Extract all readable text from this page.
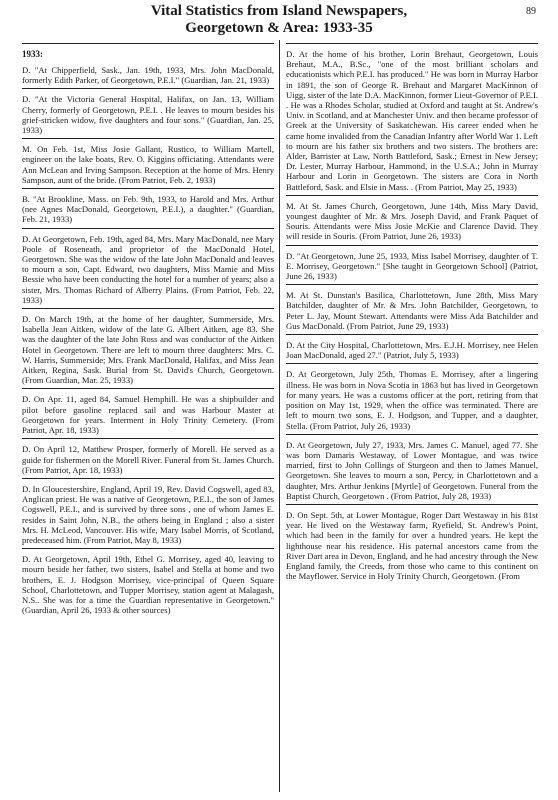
89
Vital Statistics from Island Newspapers,
Georgetown & Area: 1933-35
1933:

D. "At Chipperfield, Sask., Jan. 19th, 1933, Mrs. John MacDonald, formerly Edith Parker, of Georgetown, P.E.I." (Guardian, Jan. 21, 1933)

D. "At the Victoria General Hospital, Halifax, on Jan. 13, William Cherry, formerly of Georgetown, P.E.I. . He leaves to mourn besides his grief-stricken widow, five daughters and four sons." (Guardian, Jan. 25, 1933)

M. On Feb. 1st, Miss Josie Gallant, Rustico, to William Martell, engineer on the lake boats, Rev. O. Kiggins officiating. Attendants were Ann McLean and Irving Sampson. Reception at the home of Mrs. Henry Sampson, aunt of the bride. (From Patriot, Feb. 2, 1933)

B. "At Brookline, Mass. on Feb. 9th, 1933, to Harold and Mrs. Arthur (nee Agnes MacDonald, Georgetown, P.E.I.), a daughter." (Guardian, Feb. 21, 1933)

D. At Georgetown, Feb. 19th, aged 84, Mrs. Mary MacDonald, nee Mary Poole of Roseneath, and proprietor of the MacDonald Hotel, Georgetown. She was the widow of the late John MacDonald and leaves to mourn a son, Capt. Edward, two daughters, Miss Mamie and Miss Bessie who have been conducting the hotel for a number of years; also a sister, Mrs. Thomas Richard of Alberry Plains. (From Patriot, Feb. 22, 1933)

D. On March 19th, at the home of her daughter, Summerside, Mrs. Isabella Jean Aitken, widow of the late G. Albert Aitken, age 83. She was the daughter of the late John Ross and was conductor of the Aitken Hotel in Georgetown. There are left to mourn three daughters: Mrs. C. W. Harris, Summerside; Mrs. Frank MacDonald, Halifax, and Miss Jean Aitken, Regina, Sask. Burial from St. David's Church, Georgetown. (From Guardian, Mar. 25, 1933)

D. On Apr. 11, aged 84, Samuel Hemphill. He was a shipbuilder and pilot before gasoline replaced sail and was Harbour Master at Georgetown for years. Interment in Holy Trinity Cemetery. (From Patriot, Apr. 18, 1933)

D. On April 12, Matthew Prosper, formerly of Morell. He served as a guide for fishermen on the Morell River. Funeral from St. James Church. (From Patriot, Apr. 18, 1933)

D. In Gloucestershire, England, April 19, Rev. David Cogswell, aged 83, Anglican priest. He was a native of Georgetown, P.E.I., the son of James Cogswell, P.E.I., and is survived by three sons , one of whom James E. resides in Saint John, N.B., the others being in England ; also a sister Mrs. H. McLeod, Vancouver. His wife, Mary Isabel Morris, of Scotland, predeceased him. (From Patriot, May 8, 1933)

D. At Georgetown, April 19th, Ethel G. Morrisey, aged 40, leaving to mourn beside her father, two sisters, Isabel and Stella at home and two brothers, E. J. Hodgson Morrisey, vice-principal of Queen Square School, Charlottetown, and Tupper Morrisey, station agent at Malagash, N.S.. She was for a time the Guardian representative in Georgetown." (Guardian, April 26, 1933 & other sources)

D. At the home of his brother, Lorin Brehaut, Georgetown, Louis Brehaut, M.A., B.Sc., "one of the most brilliant scholars and educationists which P.E.I. has produced." He was born in Murray Harbor in 1891, the son of George R. Brehaut and Margaret MacKinnon of Uigg, sister of the late D.A. MacKinnon, former Lieut-Governor of P.E.I. . He was a Rhodes Scholar, studied at Oxford and taught at St. Andrew's Univ. in Scotland, and at Manchester Univ. and then became professor of Greek at the University of Saskatchewan. His career ended when he came home invalided from the Canadian Infantry after World War 1. Left to mourn are his father six brothers and two sisters. The brothers are: Alder, Barrister at Law, North Battleford, Sask.; Ernest in New Jersey; Dr. Lester, Murray Harbour, Hammond, in the U.S.A.; John in Murray Harbour and Lorin in Georgetown. The sisters are Cora in North Battleford, Sask. and Elsie in Mass. . (From Patriot, May 25, 1933)

M. At St. James Church, Georgetown, June 14th, Miss Mary David, youngest daughter of Mr. & Mrs. Joseph David, and Frank Paquet of Souris. Attendants were Miss Josie McKie and Clarence David. They will reside in Souris. (From Patriot, June 26, 1933)

D. "At Georgetown, June 25, 1933, Miss Isabel Morrisey, daughter of T. E. Morrisey, Georgetown." [She taught in Georgetown School] (Patriot, June 26, 1933)

M. At St. Dunstan's Basilica, Charlottetown, June 28th, Miss Mary Batchilder, daughter of Mr. & Mrs. John Batchilder, Georgetown, to Peter L. Jay, Mount Stewart. Attendants were Miss Ada Batchilder and Gus MacDonald. (From Patriot, June 29, 1933)

D. At the City Hospital, Charlottetown, Mrs. E.J.H. Morrisey, nee Helen Joan MacDonald, aged 27." (Patriot, July 5, 1933)

D. At Georgetown, July 25th, Thomas E. Morrisey, after a lingering illness. He was born in Nova Scotia in 1863 but has lived in Georgetown for many years. He was a customs officer at the port, retiring from that position on May 1st, 1929, when the office was terminated. There are left to mourn two sons, E. J. Hodgson, and Tupper, and a daughter, Stella. (From Patriot, July 26, 1933)

D. At Georgetown, July 27, 1933, Mrs. James C. Manuel, aged 77. She was born Damaris Westaway, of Lower Montague, and was twice married, first to John Collings of Sturgeon and then to James Manuel, Georgetown. She leaves to mourn a son, Percy, in Charlottetown and a daughter, Mrs. Arthur Jenkins [Myrtle] of Georgetown. Funeral from the Baptist Church, Georgetown . (From Patriot, July 28, 1933)

D. On Sept. 5th, at Lower Montague, Roger Dart Westaway in his 81st year. He lived on the Westaway farm, Ryefield, St. Andrew's Point, which had been in the family for over a hundred years. He kept the lighthouse near his residence. His paternal ancestors came from the River Dart area in Devon, England, and he had ancestry through the New England family, the Creeds, from those who came to this continent on the Mayflower. Service in Holy Trinity Church, Georgetown. (From
